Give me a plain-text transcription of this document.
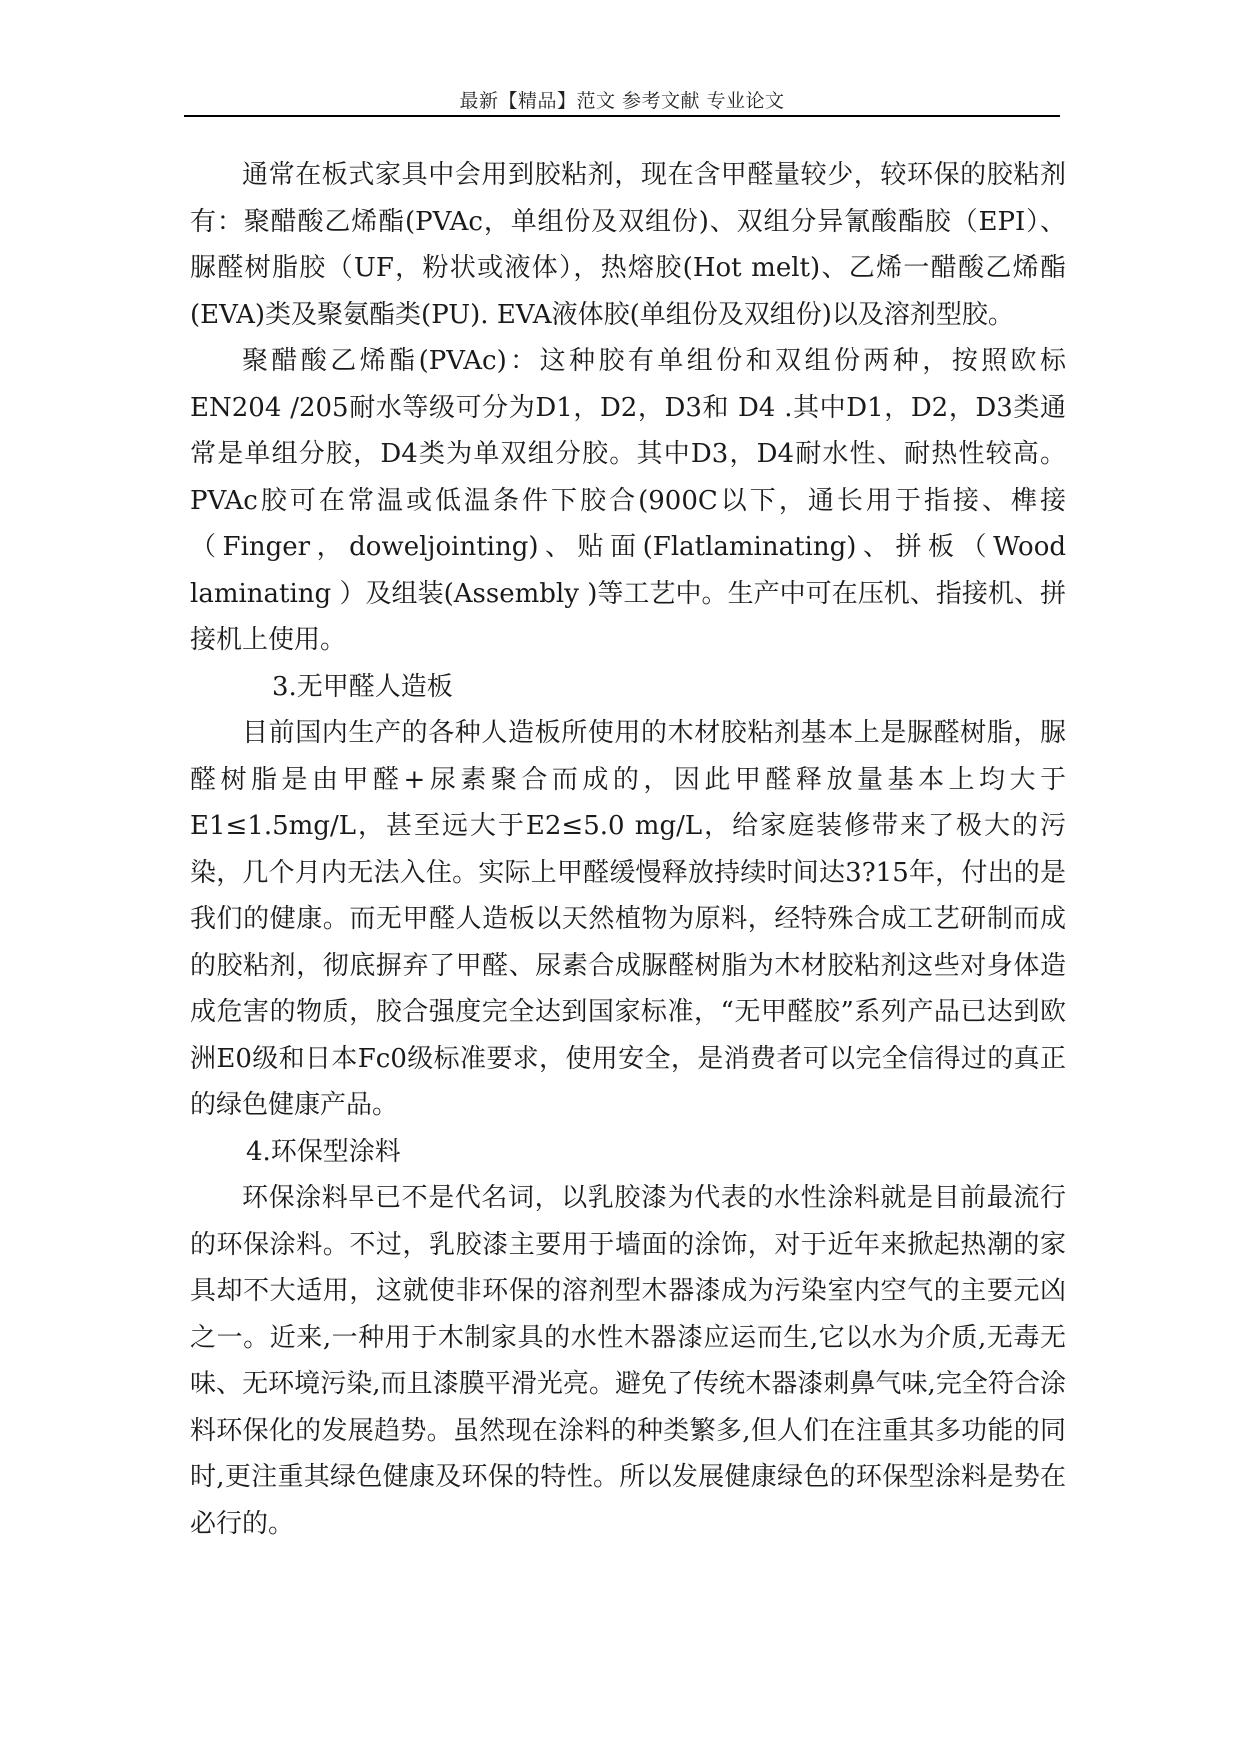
最新【精品】范文 参考文献 专业论文

通常在板式家具中会用到胶粘剂，现在含甲醛量较少，较环保的胶粘剂有：聚醋酸乙烯酯(PVAc，单组份及双组份)、双组分异氰酸酯胶（EPI）、 脲醛树脂胶（UF，粉状或液体），热熔胶(Hot melt)、乙烯一醋酸乙烯酯(EVA)类及聚氨酯类(PU). EVA液体胶(单组份及双组份)以及溶剂型胶。

聚醋酸乙烯酯(PVAc)：这种胶有单组份和双组份两种，按照欧标EN204 /205耐水等级可分为D1，D2，D3和 D4 .其中D1，D2，D3类通常是单组分胶，D4类为单双组分胶。其中D3，D4耐水性、耐热性较高。PVAc胶可在常温或低温条件下胶合(900C以下，通长用于指接、榫接（Finger，doweljointing)、贴面(Flatlaminating)、拼板（Wood laminating ）及组装(Assembly )等工艺中。生产中可在压机、指接机、拼接机上使用。

3.无甲醛人造板

目前国内生产的各种人造板所使用的木材胶粘剂基本上是脲醛树脂，脲醛树脂是由甲醛+尿素聚合而成的，因此甲醛释放量基本上均大于E1≤1.5mg/L，甚至远大于E2≤5.0 mg/L，给家庭装修带来了极大的污染，几个月内无法入住。实际上甲醛缓慢释放持续时间达3?15年，付出的是我们的健康。而无甲醛人造板以天然植物为原料，经特殊合成工艺研制而成的胶粘剂，彻底摒弃了甲醛、尿素合成脲醛树脂为木材胶粘剂这些对身体造成危害的物质，胶合强度完全达到国家标准，“无甲醛胶”系列产品已达到欧洲E0级和日本Fc0级标准要求，使用安全，是消费者可以完全信得过的真正的绿色健康产品。

4.环保型涂料

环保涂料早已不是代名词，以乳胶漆为代表的水性涂料就是目前最流行的环保涂料。不过，乳胶漆主要用于墙面的涂饰，对于近年来掀起热潮的家具却不大适用，这就使非环保的溶剂型木器漆成为污染室内空气的主要元凶之一。近来,一种用于木制家具的水性木器漆应运而生,它以水为介质,无毒无味、无环境污染,而且漆膜平滑光亮。避免了传统木器漆刺鼻气味,完全符合涂料环保化的发展趋势。虽然现在涂料的种类繁多,但人们在注重其多功能的同时,更注重其绿色健康及环保的特性。所以发展健康绿色的环保型涂料是势在必行的。
